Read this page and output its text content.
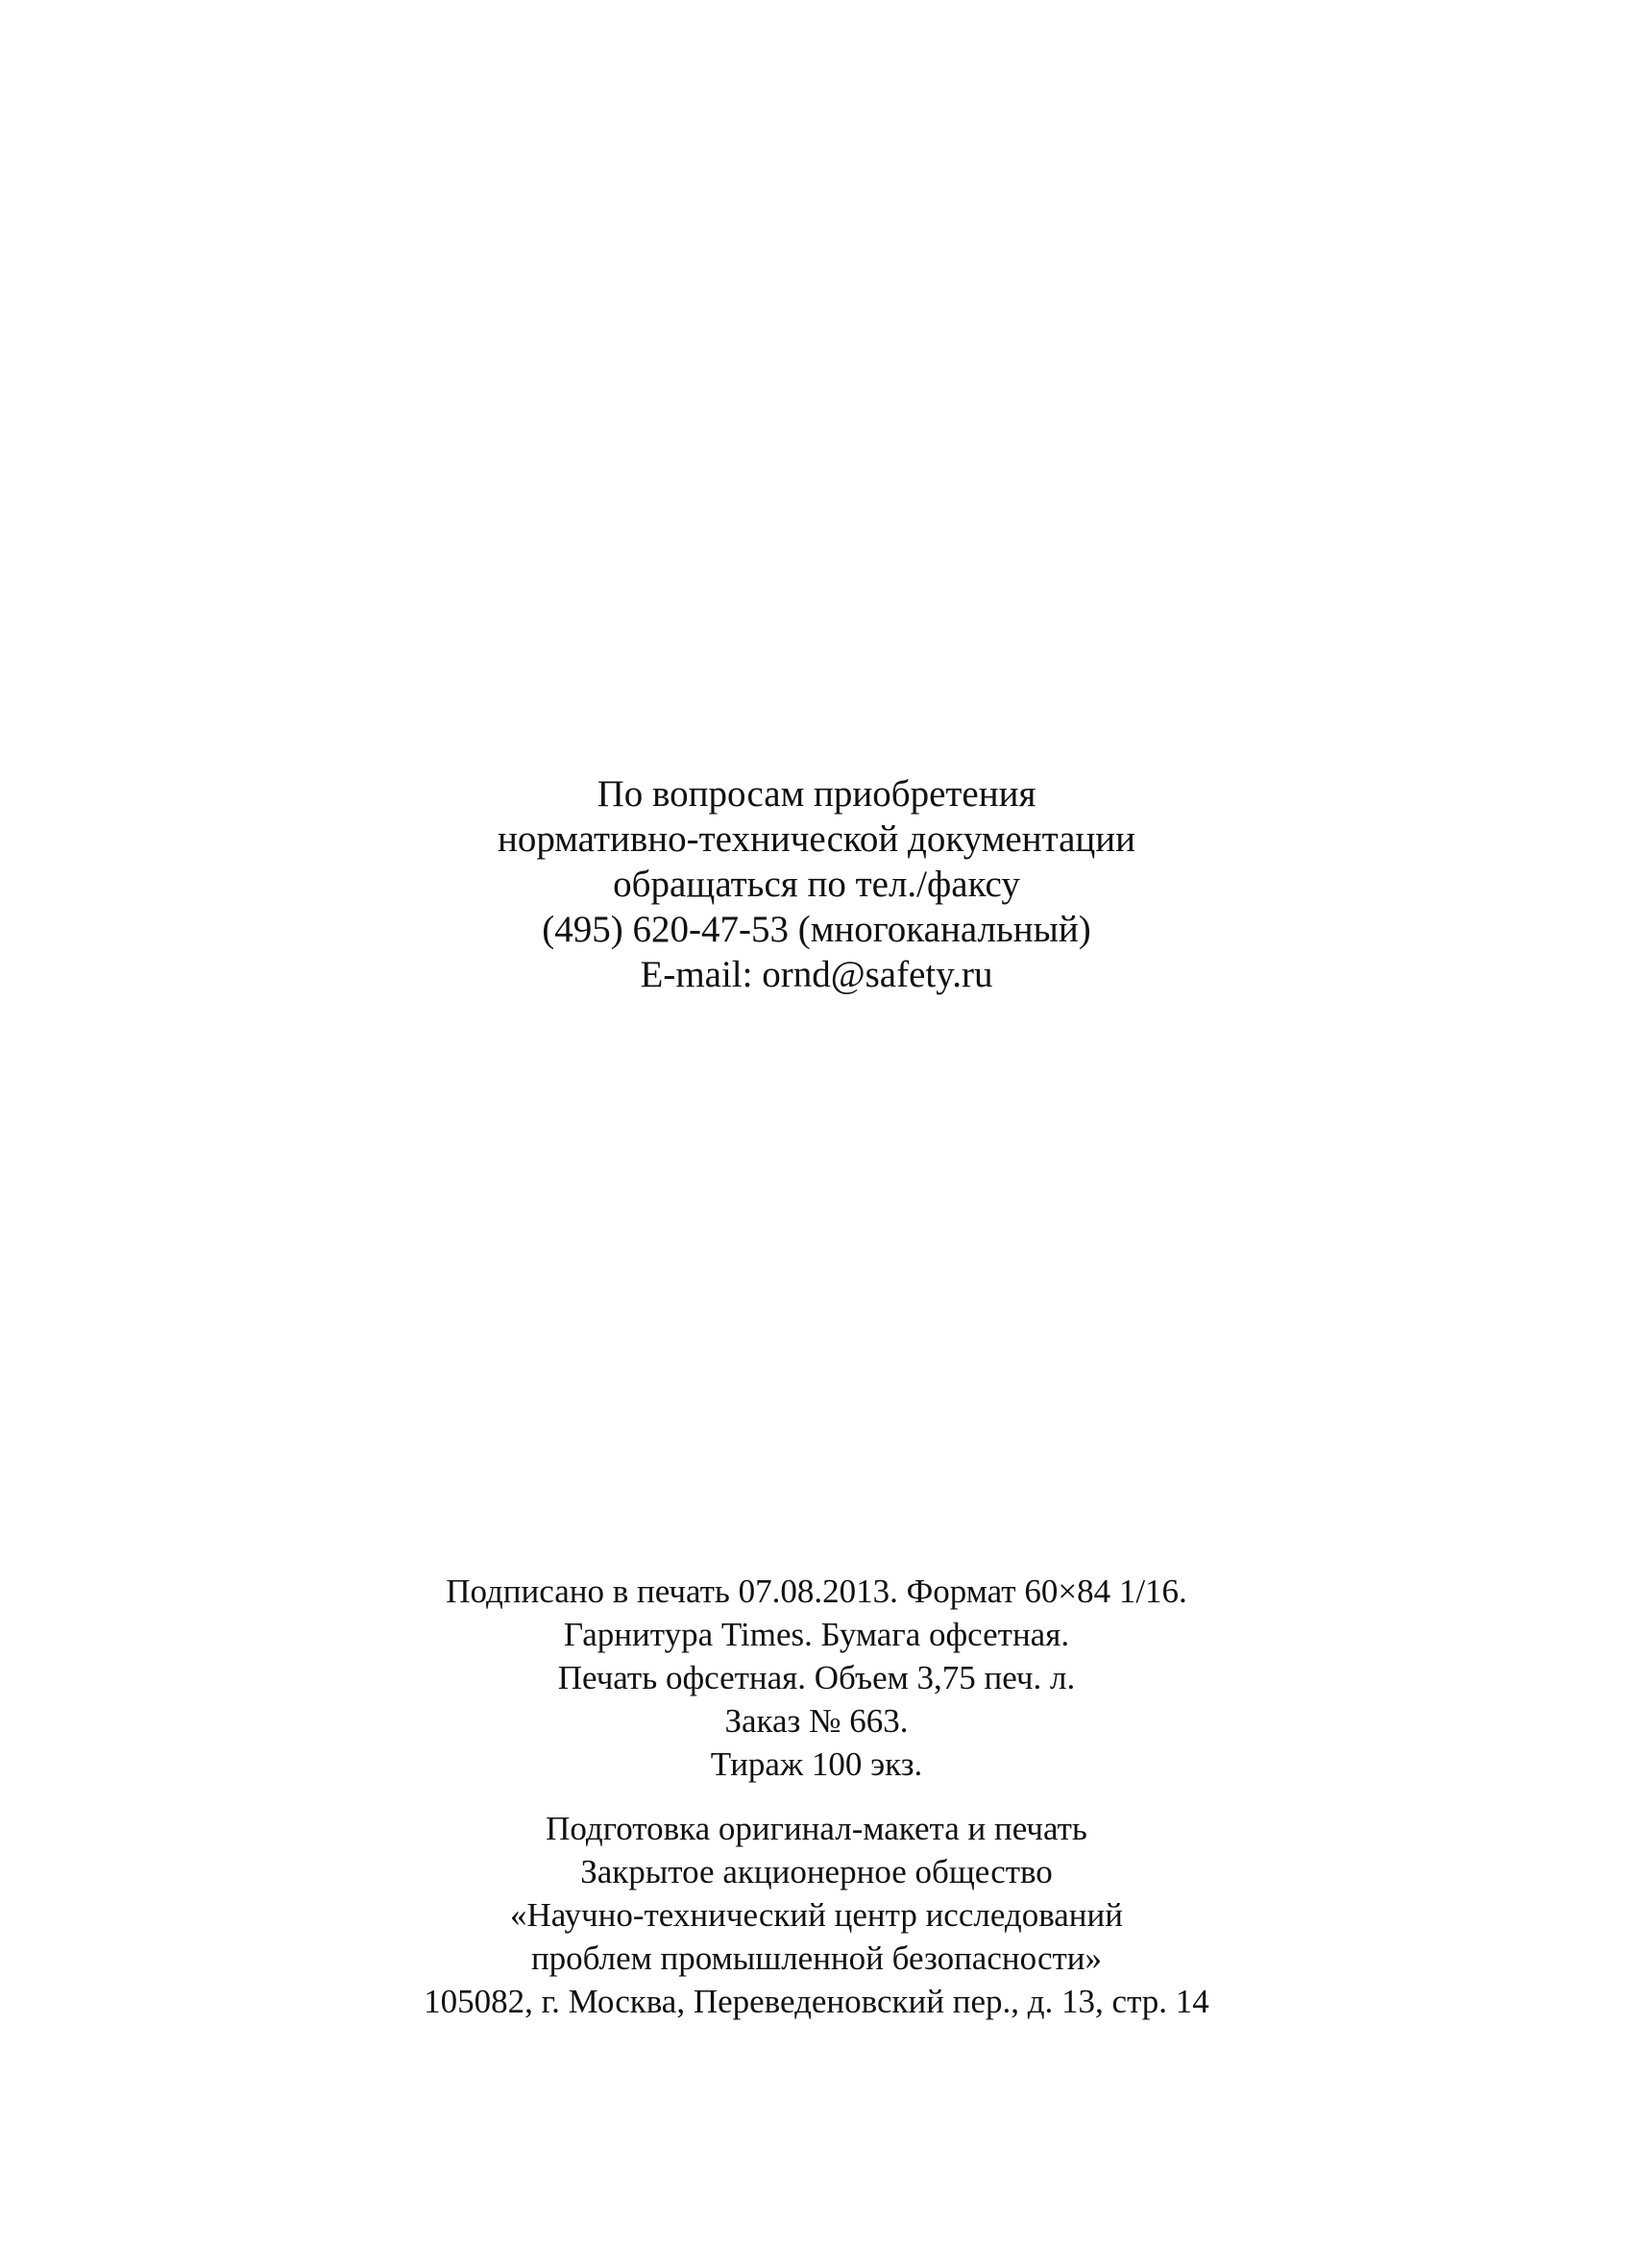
По вопросам приобретения
нормативно-технической документации
обращаться по тел./факсу
(495) 620-47-53 (многоканальный)
E-mail: ornd@safety.ru
Подписано в печать 07.08.2013. Формат 60×84 1/16.
Гарнитура Times. Бумага офсетная.
Печать офсетная. Объем 3,75 печ. л.
Заказ № 663.
Тираж 100 экз.
Подготовка оригинал-макета и печать
Закрытое акционерное общество
«Научно-технический центр исследований
проблем промышленной безопасности»
105082, г. Москва, Переведеновский пер., д. 13, стр. 14
